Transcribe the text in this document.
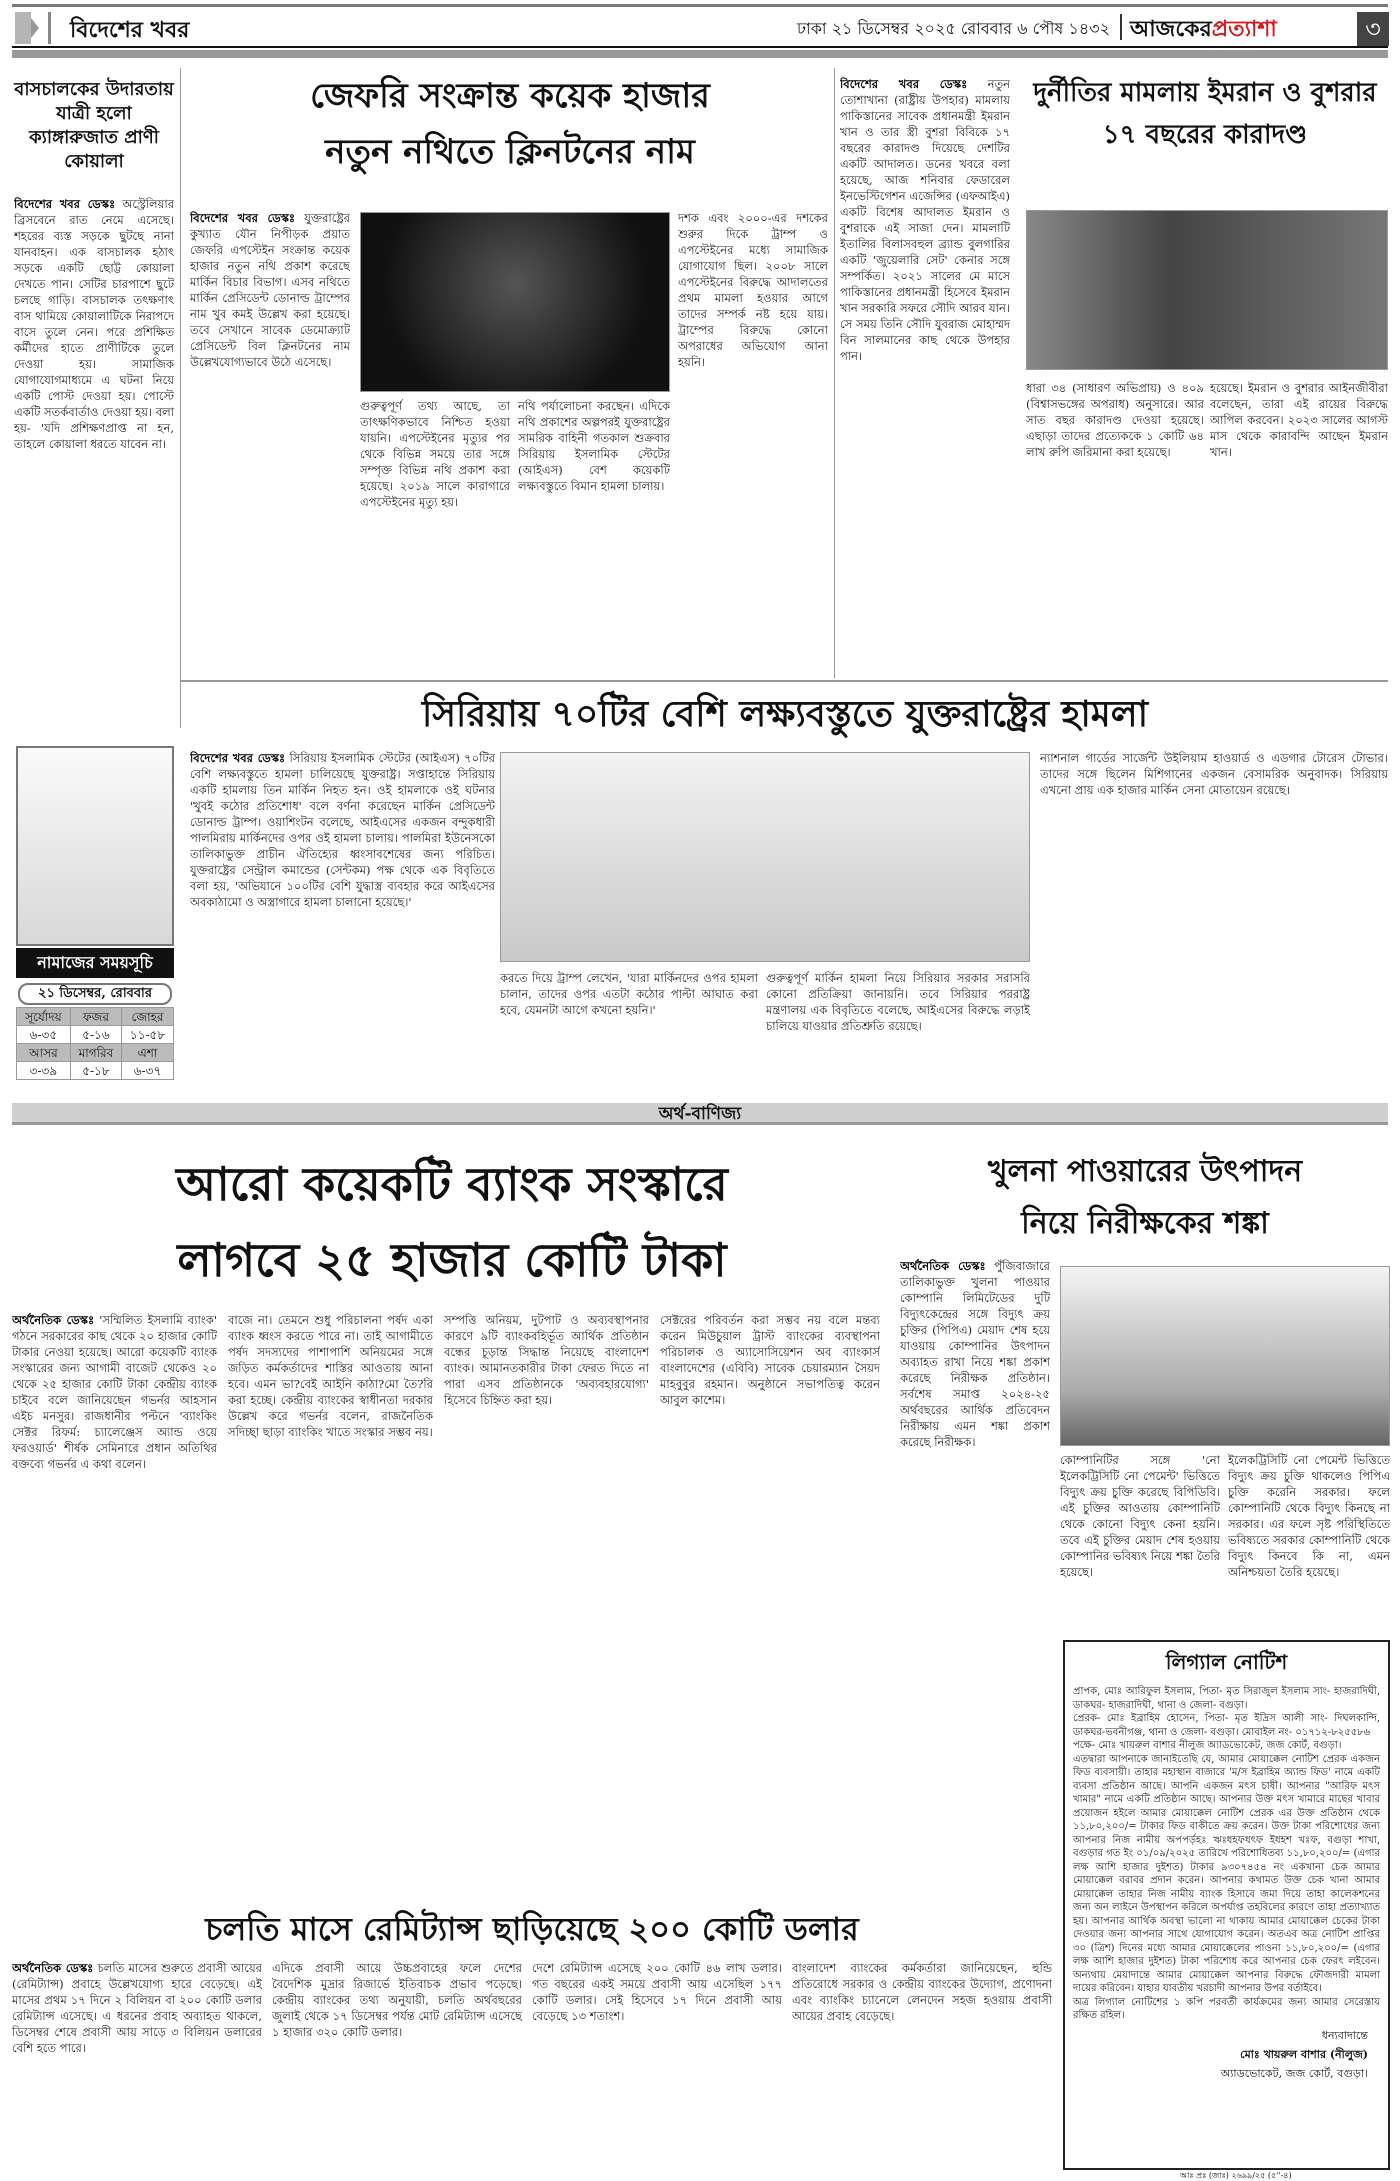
বিদেশের খবর	ঢাকা ২১ ডিসেম্বর ২০২৫ রোববার ৬ পৌষ ১৪৩২ আজকেরপ্রত্যাশা	৩
বাসচালকের উদারতায় যাত্রী হলো ক্যাঙ্গারুজাত প্রাণী কোয়ালা
বিদেশের খবর ডেস্কঃ অস্ট্রেলিয়ার ব্রিসবেনে রাত নেমে এসেছে। শহরের ব্যস্ত সড়কে ছুটছে নানা যানবাহন। এক বাসচালক হঠাৎ সড়কে একটি ছোট্ট কোয়ালা দেখতে পান। সেটির চারপাশে ছুটে চলছে গাড়ি। বাসচালক তৎক্ষণাৎ বাস থামিয়ে কোয়ালাটিকে নিরাপদে বাসে তুলে নেন। পরে প্রশিক্ষিত কর্মীদের হাতে প্রাণীটিকে তুলে দেওয়া হয়। সামাজিক যোগাযোগমাধ্যমে এ ঘটনা নিয়ে একটি পোস্ট দেওয়া হয়। পোস্টে একটি সতর্কবার্তাও দেওয়া হয়। বলা হয়- 'যদি প্রশিক্ষণপ্রাপ্ত না হন, তাহলে কোয়ালা ধরতে যাবেন না।
জেফরি সংক্রান্ত কয়েক হাজার
নতুন নথিতে ক্লিনটনের নাম
বিদেশের খবর ডেস্কঃ যুক্তরাষ্ট্রের কুখ্যাত যৌন নিপীড়ক প্রয়াত জেফরি এপস্টেইন সংক্রান্ত কয়েক হাজার নতুন নথি প্রকাশ করেছে মার্কিন বিচার বিভাগ। এসব নথিতে মার্কিন প্রেসিডেন্ট ডোনাল্ড ট্রাম্পের নাম খুব কমই উল্লেখ করা হয়েছে। তবে সেখানে সাবেক ডেমোক্র্যাট প্রেসিডেন্ট বিল ক্লিনটনের নাম উল্লেখযোগ্যভাবে উঠে এসেছে।
গুরুত্বপূর্ণ তথ্য আছে, তা তাৎক্ষণিকভাবে নিশ্চিত হওয়া যায়নি। এপস্টেইনের মৃত্যুর পর থেকে বিভিন্ন সময়ে তার সঙ্গে সম্পৃক্ত বিভিন্ন নথি প্রকাশ করা হয়েছে। ২০১৯ সালে কারাগারে এপস্টেইনের মৃত্যু হয়।
নথি পর্যালোচনা করছেন। এদিকে নথি প্রকাশের অল্পপরই যুক্তরাষ্ট্রের সামরিক বাহিনী গতকাল শুক্রবার সিরিয়ায় ইসলামিক স্টেটের (আইএস) বেশ কয়েকটি লক্ষ্যবস্তুতে বিমান হামলা চালায়।
দশক এবং ২০০০-এর দশকের শুরুর দিকে ট্রাম্প ও এপস্টেইনের মধ্যে সামাজিক যোগাযোগ ছিল। ২০০৮ সালে এপস্টেইনের বিরুদ্ধে আদালতের প্রথম মামলা হওয়ার আগে তাদের সম্পর্ক নষ্ট হয়ে যায়। ট্রাম্পের বিরুদ্ধে কোনো অপরাধের অভিযোগ আনা হয়নি।
বিদেশের খবর ডেস্কঃ নতুন তোশাখানা (রাষ্ট্রীয় উপহার) মামলায় পাকিস্তানের সাবেক প্রধানমন্ত্রী ইমরান খান ও তার স্ত্রী বুশরা বিবিকে ১৭ বছরের কারাদণ্ড দিয়েছে দেশটির একটি আদালত। ডনের খবরে বলা হয়েছে, আজ শনিবার ফেডারেল ইনভেস্টিগেশন এজেন্সির (এফআইএ) একটি বিশেষ আদালত ইমরান ও বুশরাকে এই সাজা দেন। মামলাটি ইতালির বিলাসবহুল ব্র্যান্ড বুলগারির একটি 'জুয়েলারি সেট' কেনার সঙ্গে সম্পর্কিত। ২০২১ সালের মে মাসে পাকিস্তানের প্রধানমন্ত্রী হিসেবে ইমরান খান সরকারি সফরে সৌদি আরব যান। সে সময় তিনি সৌদি যুবরাজ মোহাম্মদ বিন সালমানের কাছ থেকে উপহার পান।
দুর্নীতির মামলায় ইমরান ও বুশরার ১৭ বছরের কারাদণ্ড
ধারা ৩৪ (সাধারণ অভিপ্রায়) ও ৪০৯ (বিশ্বাসভঙ্গের অপরাধ) অনুসারে। আর সাত বছর কারাদণ্ড দেওয়া হয়েছে। এছাড়া তাদের প্রত্যেককে ১ কোটি ৬৪ লাখ রুপি জরিমানা করা হয়েছে।
হয়েছে। ইমরান ও বুশরার আইনজীবীরা বলেছেন, তারা এই রায়ের বিরুদ্ধে আপিল করবেন। ২০২৩ সালের আগস্ট মাস থেকে কারাবন্দি আছেন ইমরান খান।
সিরিয়ায় ৭০টির বেশি লক্ষ্যবস্তুতে যুক্তরাষ্ট্রের হামলা
বিদেশের খবর ডেস্কঃ সিরিয়ায় ইসলামিক স্টেটের (আইএস) ৭০টির বেশি লক্ষ্যবস্তুতে হামলা চালিয়েছে যুক্তরাষ্ট্র। সপ্তাহান্তে সিরিয়ায় একটি হামলায় তিন মার্কিন নিহত হন। ওই হামলাকে ওই ঘটনার 'খুবই কঠোর প্রতিশোধ' বলে বর্ণনা করেছেন মার্কিন প্রেসিডেন্ট ডোনাল্ড ট্রাম্প। ওয়াশিংটন বলেছে, আইএসের একজন বন্দুকধারী পালমিরায় মার্কিনদের ওপর ওই হামলা চালায়। পালমিরা ইউনেসকো তালিকাভুক্ত প্রাচীন ঐতিহ্যের ধ্বংসাবশেষের জন্য পরিচিত। যুক্তরাষ্ট্রের সেন্ট্রাল কমান্ডের (সেন্টকম) পক্ষ থেকে এক বিবৃতিতে বলা হয়, 'অভিযানে ১০০টির বেশি যুদ্ধাস্ত্র ব্যবহার করে আইএসের অবকাঠামো ও অস্ত্রাগারে হামলা চালানো হয়েছে।'
করতে দিয়ে ট্রাম্প লেখেন, 'যারা মার্কিনদের ওপর হামলা চালান, তাদের ওপর এতটা কঠোর পাল্টা আঘাত করা হবে, যেমনটা আগে কখনো হয়নি।'
গুরুত্বপূর্ণ মার্কিন হামলা নিয়ে সিরিয়ার সরকার সরাসরি কোনো প্রতিক্রিয়া জানায়নি। তবে সিরিয়ার পররাষ্ট্র মন্ত্রণালয় এক বিবৃতিতে বলেছে, আইএসের বিরুদ্ধে লড়াই চালিয়ে যাওয়ার প্রতিশ্রুতি রয়েছে।
ন্যাশনাল গার্ডের সার্জেন্ট উইলিয়াম হাওয়ার্ড ও এডগার টোরেস টোভার। তাদের সঙ্গে ছিলেন মিশিগানের একজন বেসামরিক অনুবাদক। সিরিয়ায় এখনো প্রায় এক হাজার মার্কিন সেনা মোতায়েন রয়েছে।
নামাজের সময়সূচি
২১ ডিসেম্বর, রোববার
সূর্যোদয়	ফজর	জোহর
৬-৩৫	৫-১৬	১১-৫৮
আসর	মাগরিব	এশা
৩-৩৯	৫-১৮	৬-৩৭
অর্থ-বাণিজ্য
আরো কয়েকটি ব্যাংক সংস্কারে
লাগবে ২৫ হাজার কোটি টাকা
অর্থনৈতিক ডেস্কঃ 'সম্মিলিত ইসলামি ব্যাংক' গঠনে সরকারের কাছ থেকে ২০ হাজার কোটি টাকার নেওয়া হয়েছে। আরো কয়েকটি ব্যাংক সংস্কারের জন্য আগামী বাজেট থেকেও ২০ থেকে ২৫ হাজার কোটি টাকা কেন্দ্রীয় ব্যাংক চাইবে বলে জানিয়েছেন গভর্নর আহসান এইচ মনসুর। রাজধানীর পল্টনে 'ব্যাংকিং সেক্টর রিফর্ম: চ্যালেঞ্জেস অ্যান্ড ওয়ে ফরওয়ার্ড' শীর্ষক সেমিনারে প্রধান অতিথির বক্তব্যে গভর্নর এ কথা বলেন।
বাজে না। তেমনে শুধু পরিচালনা পর্ষদ একা ব্যাংক ধ্বংস করতে পারে না। তাই আগামীতে পর্ষদ সদস্যদের পাশাপাশি অনিয়মের সঙ্গে জড়িত কর্মকর্তাদের শাস্তির আওতায় আনা হবে। এমন ভা?বেই আইনি কাঠা?মো তৈ?রি করা হচ্ছে। কেন্দ্রীয় ব্যাংকের স্বাধীনতা দরকার উল্লেখ করে গভর্নর বলেন, রাজনৈতিক সদিচ্ছা ছাড়া ব্যাংকিং খাতে সংস্কার সম্ভব নয়।
সম্পত্তি অনিয়ম, দুটপাট ও অব্যবস্থাপনার কারণে ৯টি ব্যাংকবহির্ভূত আর্থিক প্রতিষ্ঠান বন্ধের চূড়ান্ত সিদ্ধান্ত নিয়েছে বাংলাদেশ ব্যাংক। আমানতকারীর টাকা ফেরত দিতে না পারা এসব প্রতিষ্ঠানকে 'অব্যবহারযোগ্য' হিসেবে চিহ্নিত করা হয়।
সেক্টরের পরিবর্তন করা সম্ভব নয় বলে মন্তব্য করেন মিউচুয়াল ট্রাস্ট ব্যাংকের ব্যবস্থাপনা পরিচালক ও অ্যাসোসিয়েশন অব ব্যাংকার্স বাংলাদেশের (এবিবি) সাবেক চেয়ারম্যান সৈয়দ মাহবুবুর রহমান। অনুষ্ঠানে সভাপতিত্ব করেন আবুল কাশেম।
খুলনা পাওয়ারের উৎপাদন
নিয়ে নিরীক্ষকের শঙ্কা
অর্থনৈতিক ডেস্কঃ পুঁজিবাজারে তালিকাভুক্ত খুলনা পাওয়ার কোম্পানি লিমিটেডের দুটি বিদ্যুৎকেন্দ্রের সঙ্গে বিদ্যুৎ ক্রয় চুক্তির (পিপিএ) মেয়াদ শেষ হয়ে যাওয়ায় কোম্পানির উৎপাদন অব্যাহত রাখা নিয়ে শঙ্কা প্রকাশ করেছে নিরীক্ষক প্রতিষ্ঠান। সর্বশেষ সমাপ্ত ২০২৪-২৫ অর্থবছরের আর্থিক প্রতিবেদন নিরীক্ষায় এমন শঙ্কা প্রকাশ করেছে নিরীক্ষক।
কোম্পানিটির সঙ্গে 'নো ইলেকট্রিসিটি নো পেমেন্ট' ভিত্তিতে বিদ্যুৎ ক্রয় চুক্তি করেছে বিপিডিবি। এই চুক্তির আওতায় কোম্পানিটি থেকে কোনো বিদ্যুৎ কেনা হয়নি। তবে এই চুক্তির মেয়াদ শেষ হওয়ায় কোম্পানির ভবিষ্যৎ নিয়ে শঙ্কা তৈরি হয়েছে।
ইলেকট্রিসিটি নো পেমেন্ট ভিত্তিতে বিদ্যুৎ ক্রয় চুক্তি থাকলেও পিপিএ চুক্তি করেনি সরকার। ফলে কোম্পানিটি থেকে বিদ্যুৎ কিনছে না সরকার। এর ফলে সৃষ্ট পরিস্থিতিতে ভবিষ্যতে সরকার কোম্পানিটি থেকে বিদ্যুৎ কিনবে কি না, এমন অনিশ্চয়তা তৈরি হয়েছে।
চলতি মাসে রেমিট্যান্স ছাড়িয়েছে ২০০ কোটি ডলার
অর্থনৈতিক ডেস্কঃ চলতি মাসের শুরুতে প্রবাসী আয়ের (রেমিট্যান্স) প্রবাহে উল্লেখযোগ্য হারে বেড়েছে। এই মাসের প্রথম ১৭ দিনে ২ বিলিয়ন বা ২০০ কোটি ডলার রেমিট্যান্স এসেছে। এ ধরনের প্রবাহ অব্যাহত থাকলে, ডিসেম্বর শেষে প্রবাসী আয় সাড়ে ৩ বিলিয়ন ডলারের বেশি হতে পারে।
এদিকে প্রবাসী আয়ে উচ্চপ্রবাহের ফলে দেশের বৈদেশিক মুদ্রার রিজার্ভে ইতিবাচক প্রভাব পড়েছে। কেন্দ্রীয় ব্যাংকের তথ্য অনুযায়ী, চলতি অর্থবছরের জুলাই থেকে ১৭ ডিসেম্বর পর্যন্ত মোট রেমিট্যান্স এসেছে ১ হাজার ৩২০ কোটি ডলার।
দেশে রেমিট্যান্স এসেছে ২০০ কোটি ৪৬ লাখ ডলার। গত বছরের একই সময়ে প্রবাসী আয় এসেছিল ১৭৭ কোটি ডলার। সেই হিসেবে ১৭ দিনে প্রবাসী আয় বেড়েছে ১৩ শতাংশ।
বাংলাদেশ ব্যাংকের কর্মকর্তারা জানিয়েছেন, হুন্ডি প্রতিরোধে সরকার ও কেন্দ্রীয় ব্যাংকের উদ্যোগ, প্রণোদনা এবং ব্যাংকিং চ্যানেলে লেনদেন সহজ হওয়ায় প্রবাসী আয়ের প্রবাহ বেড়েছে।
লিগ্যাল নোটিশ

প্রাপক, মোঃ আরিফুল ইসলাম, পিতা- মৃত সিরাজুল ইসলাম সাং- হাজরাদিঘী, ডাকঘর- হাজরাদিঘী, থানা ও জেলা- বগুড়া।

প্রেরক- মোঃ ইব্রাহিম হোসেন, পিতা- মৃত ইদ্রিস আলী সাং- দিঘলকান্দি, ডাকঘর-ভবনীগঞ্জ, থানা ও জেলা- বগুড়া। মোবাইল নং- ০১৭১২-৮২৫৫৮৬

পক্ষে- মোঃ খায়রুল বাশার নীলুজ অ্যাডভোকেট, জজ কোর্ট, বগুড়া।

এতদ্বারা আপনাকে জানাইতেছি যে, আমার মোয়াক্কেল নোটিশ প্রেরক একজন ফিড ব্যবসায়ী। তাহার মহাস্থান বাজারে 'ম/স ইব্রাহিম অ্যান্ড ফিড' নামে একটি ব্যবসা প্রতিষ্ঠান আছে। আপনি একজন মৎস চাষী। আপনার "আরিফ মৎস খামার" নামে একটি প্রতিষ্ঠান আছে। আপনার উক্ত মৎস খামারে মাছের খাবার প্রয়োজন হইলে আমার মোয়াক্কেল নোটিশ প্রেরক এর উক্ত প্রতিষ্ঠান থেকে ১১,৮০,২০০/= টাকার ফিড বাকীতে ক্রয় করেন। উক্ত টাকা পরিশোধের জন্য আপনার নিজ নামীয় অপপর্ড়হঃ ঋঃধহফধৎফ ইধহশ খঃফ, বগুড়া শাখা, বগুড়ার গত ইং ০১/০৯/২০২৫ তারিখে পরিশোধিতব্য ১১,৮০,২০০/= (এগার লক্ষ আশি হাজার দুইশত) টাকার ৯৩০৭৪৫৪ নং একখানা চেক আমার মোয়াক্কেল বরাবর প্রদান করেন। আপনার কথামত উক্ত চেক খানা আমার মোয়াক্কেল তাহার নিজ নামীয় ব্যাংক হিসাবে জমা দিয়ে তাহা কালেকশনের জন্য অন লাইনে উপস্থাপন করিলে অপর্যাপ্ত তহবিলের কারণে তাহা প্রত্যাখ্যাত হয়। আপনার আর্থিক অবস্থা ভালো না থাকায় আমার মোয়াক্কেল চেকের টাকা দেওয়ার জন্য আপনার সাথে যোগাযোগ করেন। অতএব অত্র নোটিশ প্রাপ্তির ৩০ (ত্রিশ) দিনের মধ্যে আমার মোয়াক্কেলের পাওনা ১১,৮০,২০০/= (এগার লক্ষ আশি হাজার দুইশত) টাকা পরিশোধ করে আপনার চেক ফেরৎ লইবেন। অন্যথায় মেয়াদান্তে আমার মোয়াক্কেল আপনার বিরুদ্ধে ফৌজদারী মামলা দায়ের করিবেন। যাহার যাবতীয় খরচাদী আপনার উপর বর্তাইবে।

অত্র লিগ্যাল নোটিশের ১ কপি পরবর্তী কার্যক্রমের জন্য আমার সেরেস্তায় রক্ষিত রহিল।

ধন্যবাদান্তে
মোঃ খায়রুল বাশার (নীলুজ)
অ্যাডভোকেট, জজ কোর্ট, বগুড়া।
আঃ প্রঃ (জাঃ) ২৬৯৯/২৫ (৫''-৪)
